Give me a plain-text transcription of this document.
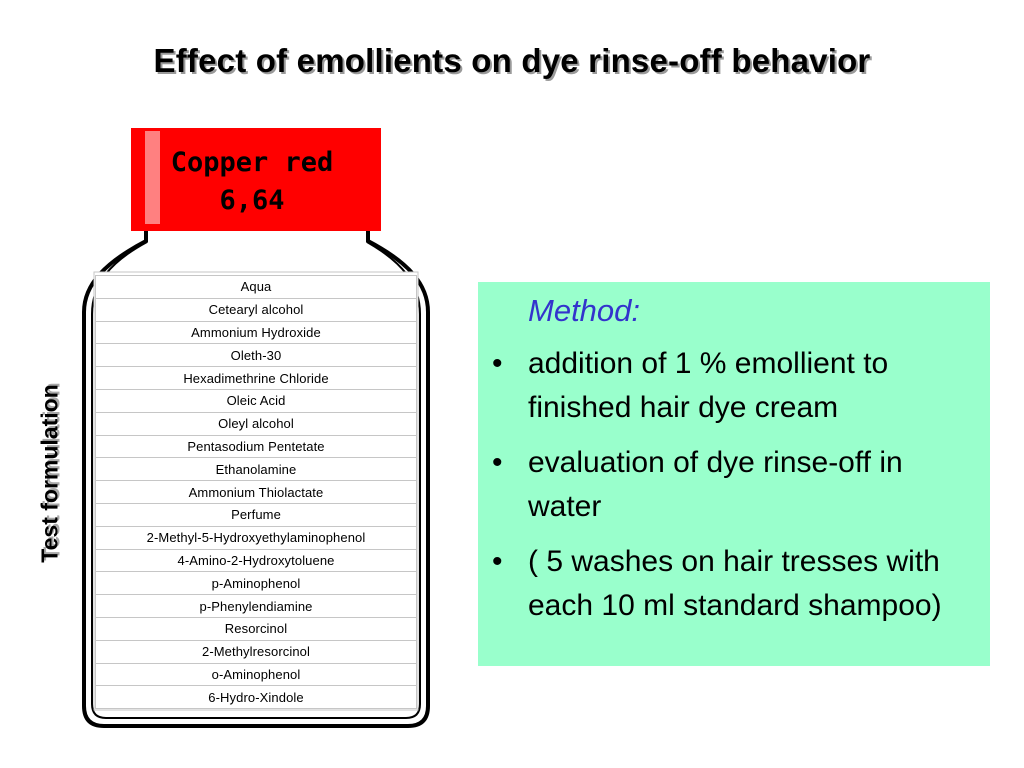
Effect of emollients on dye rinse-off behavior
Test formulation
Copper red
6,64
Aqua
Cetearyl alcohol
Ammonium Hydroxide
Oleth-30
Hexadimethrine Chloride
Oleic Acid
Oleyl alcohol
Pentasodium Pentetate
Ethanolamine
Ammonium Thiolactate
Perfume
2-Methyl-5-Hydroxyethylaminophenol
4-Amino-2-Hydroxytoluene
p-Aminophenol
p-Phenylendiamine
Resorcinol
2-Methylresorcinol
o-Aminophenol
6-Hydro-Xindole
Method:
• addition of 1 % emollient to finished hair dye cream
• evaluation of dye rinse-off in water
• ( 5 washes on hair tresses with each 10 ml standard shampoo)
